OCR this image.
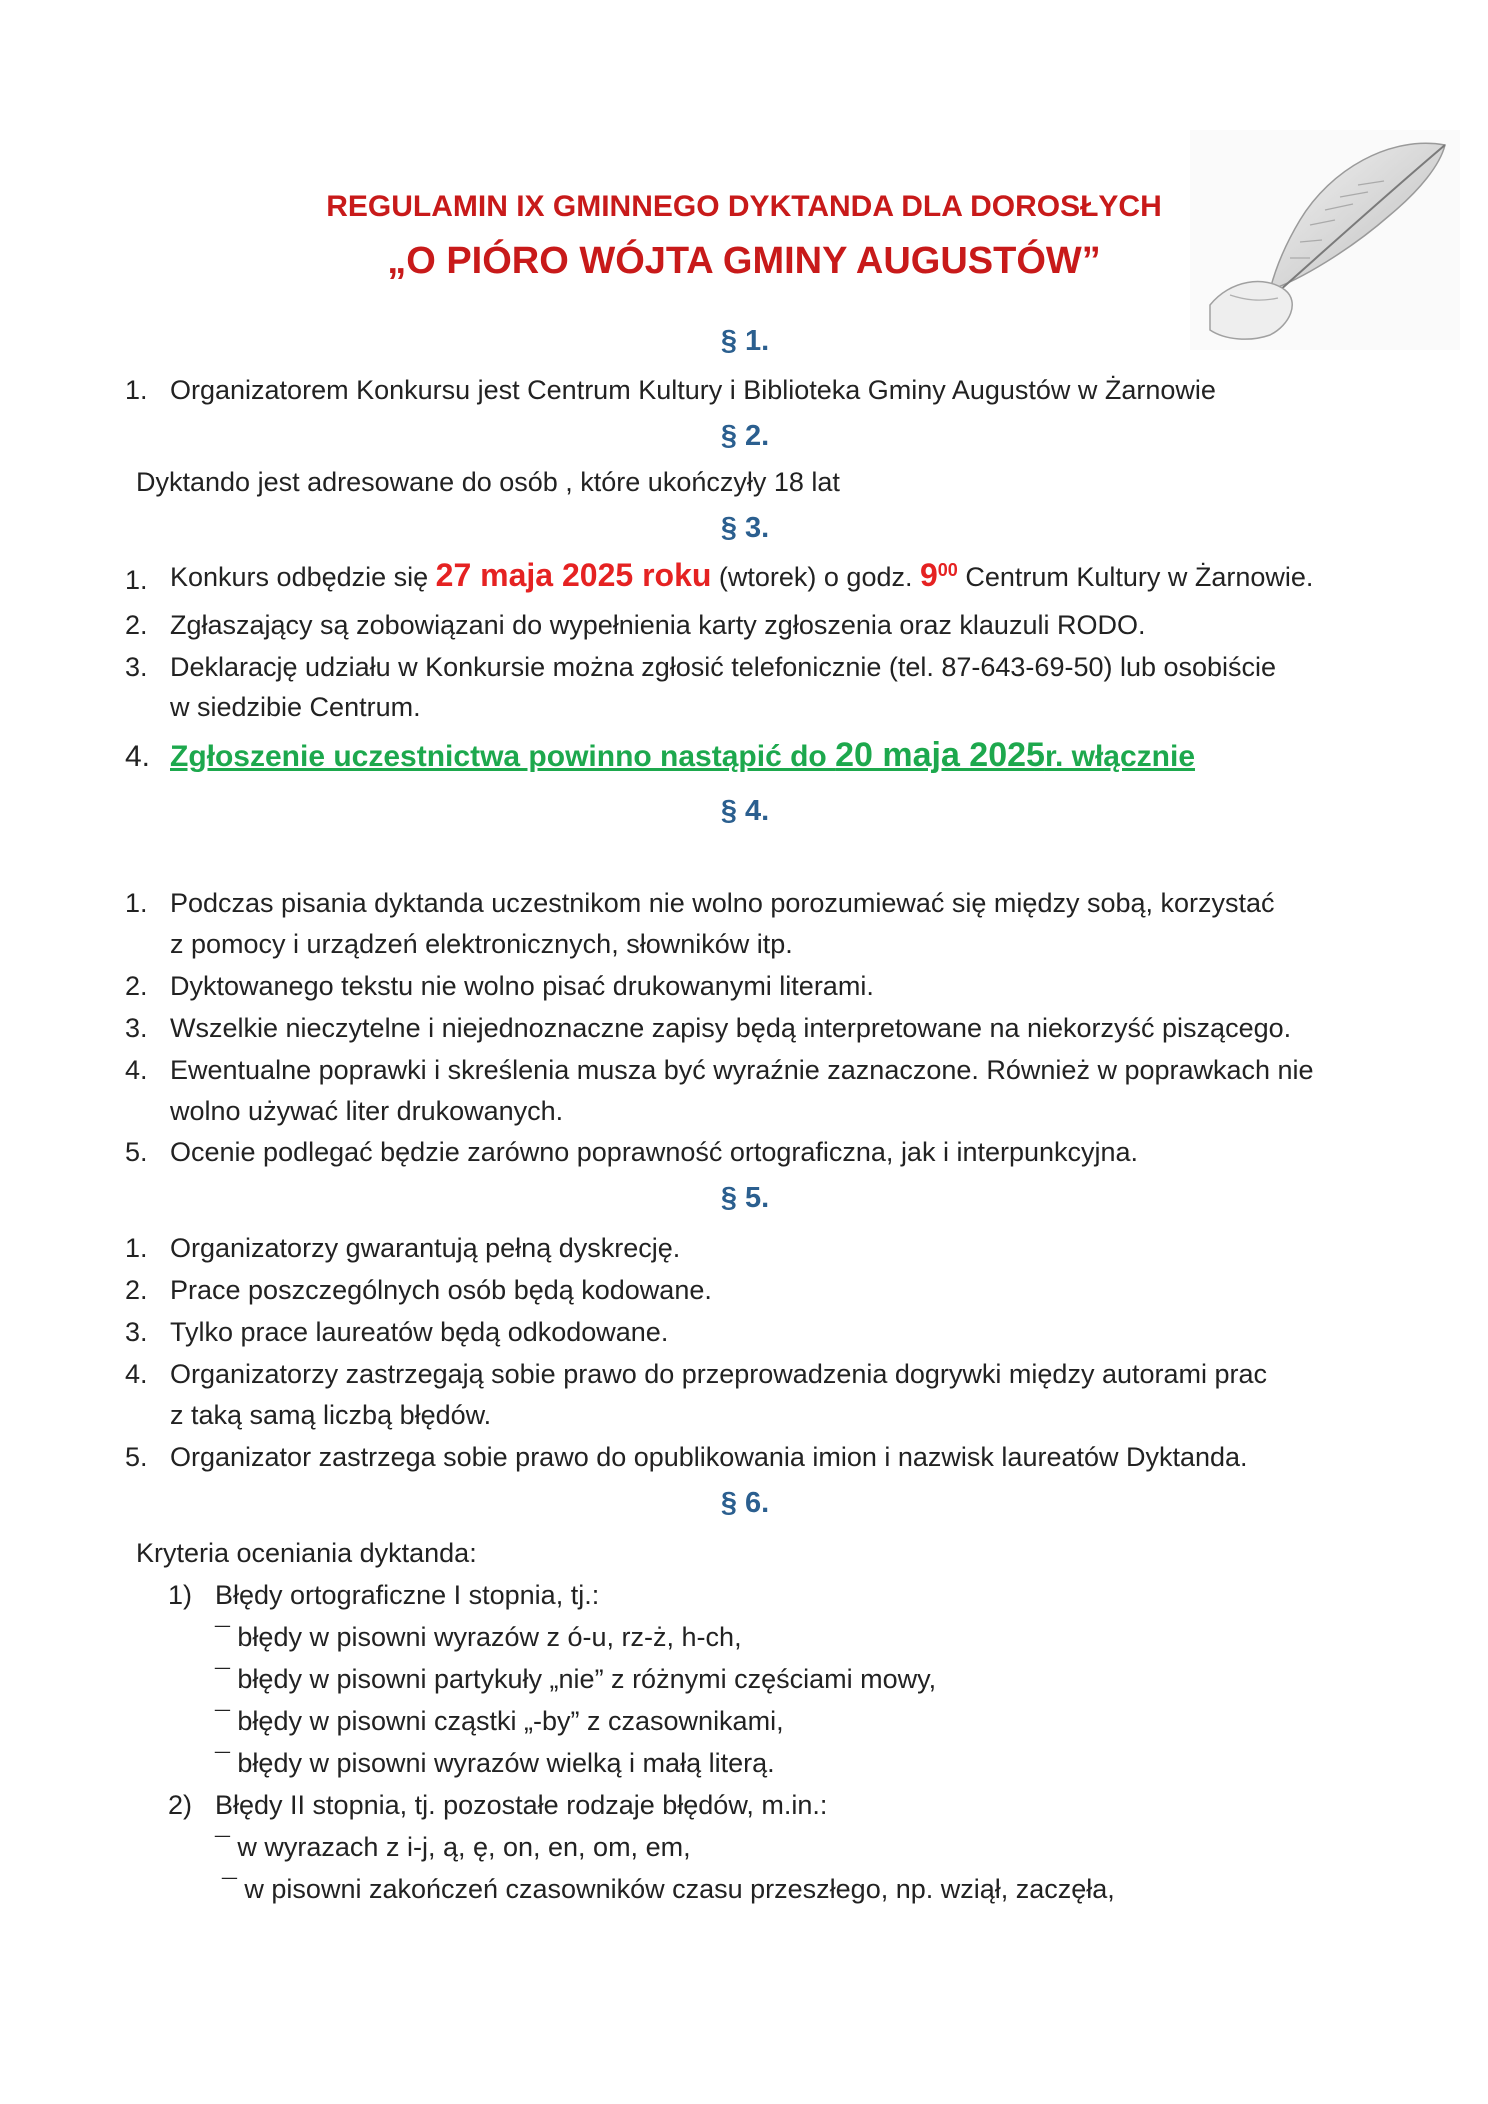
REGULAMIN IX GMINNEGO DYKTANDA DLA DOROSŁYCH
„O PIÓRO WÓJTA GMINY AUGUSTÓW”
§ 1.
1. Organizatorem Konkursu jest Centrum Kultury i Biblioteka Gminy Augustów w Żarnowie
§ 2.
Dyktando jest adresowane do osób , które ukończyły 18 lat
§ 3.
1. Konkurs odbędzie się 27 maja 2025 roku (wtorek) o godz. $9^{00}$ Centrum Kultury w Żarnowie.
2. Zgłaszający są zobowiązani do wypełnienia karty zgłoszenia oraz klauzuli RODO.
3. Deklarację udziału w Konkursie można zgłosić telefonicznie (tel. 87-643-69-50) lub osobiście
w siedzibie Centrum.
4. Zgłoszenie uczestnictwa powinno nastąpić do 20 maja 2025r. włącznie
§ 4.
1. Podczas pisania dyktanda uczestnikom nie wolno porozumiewać się między sobą, korzystać
z pomocy i urządzeń elektronicznych, słowników itp.
2. Dyktowanego tekstu nie wolno pisać drukowanymi literami.
3. Wszelkie nieczytelne i niejednoznaczne zapisy będą interpretowane na niekorzyść piszącego.
4. Ewentualne poprawki i skreślenia musza być wyraźnie zaznaczone. Również w poprawkach nie
wolno używać liter drukowanych.
5. Ocenie podlegać będzie zarówno poprawność ortograficzna, jak i interpunkcyjna.
§ 5.
1. Organizatorzy gwarantują pełną dyskrecję.
2. Prace poszczególnych osób będą kodowane.
3. Tylko prace laureatów będą odkodowane.
4. Organizatorzy zastrzegają sobie prawo do przeprowadzenia dogrywki między autorami prac
z taką samą liczbą błędów.
5. Organizator zastrzega sobie prawo do opublikowania imion i nazwisk laureatów Dyktanda.
§ 6.
Kryteria oceniania dyktanda:
1) Błędy ortograficzne I stopnia, tj.:
¯ błędy w pisowni wyrazów z ó-u, rz-ż, h-ch,
¯ błędy w pisowni partykuły „nie” z różnymi częściami mowy,
¯ błędy w pisowni cząstki „-by” z czasownikami,
¯ błędy w pisowni wyrazów wielką i małą literą.
2) Błędy II stopnia, tj. pozostałe rodzaje błędów, m.in.:
¯ w wyrazach z i-j, ą, ę, on, en, om, em,
¯ w pisowni zakończeń czasowników czasu przeszłego, np. wziął, zaczęła,
